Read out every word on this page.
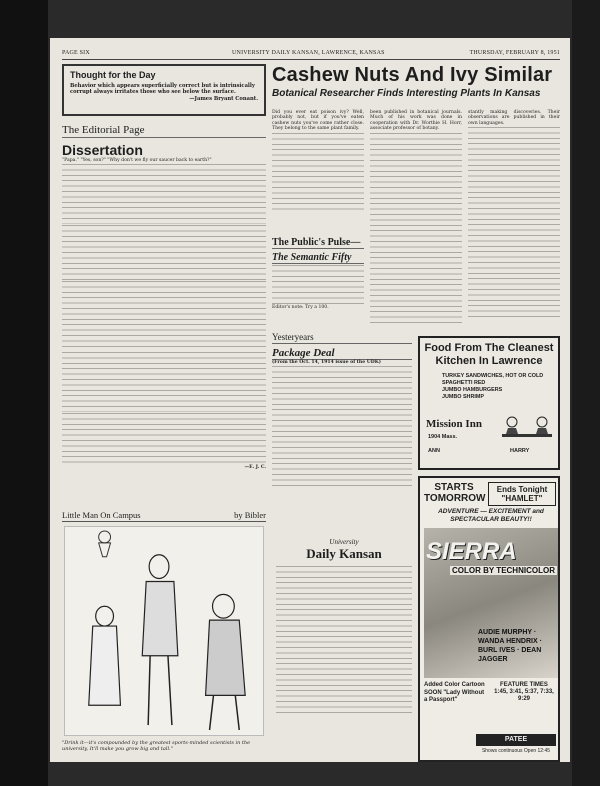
PAGE SIX	UNIVERSITY DAILY KANSAN, LAWRENCE, KANSAS	THURSDAY, FEBRUARY 8, 1951
Thought for the Day

Behavior which appears superficially correct but is intrinsically corrupt always irritates those who see below the surface.

—James Bryant Conant.
The Editorial Page
Dissertation

"Papa." "Yes, son?" "Why don't we fly our saucer back to earth?"

—E. J. C.
Little Man On Campus	by Bibler
"Drink it—it's compounded by the greatest sports-minded scientists in the university, It'll make you grow big and tall."
Cashew Nuts And Ivy Similar
Botanical Researcher Finds Interesting Plants In Kansas

Did you ever eat poison ivy? Well, probably not, but if you've eaten cashew nuts you've come rather close. They belong to the same plant family.

been published in botanical journals. Much of his work was done in cooperation with Dr. Worthie H. Horr, associate professor of botany.

stantly making discoveries. Their observations are published in their own languages.

The Public's Pulse—
The Semantic Fifty
Editor's note: Try a 100.
Yesteryears
Package Deal
(From the Oct. 14, 1914 issue of the UDK)
University
Daily Kansan
Food From The Cleanest Kitchen In Lawrence
TURKEY SANDWICHES, HOT OR COLD
SPAGHETTI RED
JUMBO HAMBURGERS
JUMBO SHRIMP
Mission Inn
1904 Mass.
ANN	HARRY
STARTS TOMORROW
Ends Tonight "HAMLET"
ADVENTURE — EXCITEMENT and SPECTACULAR BEAUTY!!
SIERRA
COLOR BY TECHNICOLOR
AUDIE MURPHY · WANDA HENDRIX · BURL IVES · DEAN JAGGER
Added Color Cartoon SOON "Lady Without a Passport"
FEATURE TIMES
1:45, 3:41, 5:37, 7:33, 9:29
PATEE
Shows continuous Open 12:45
